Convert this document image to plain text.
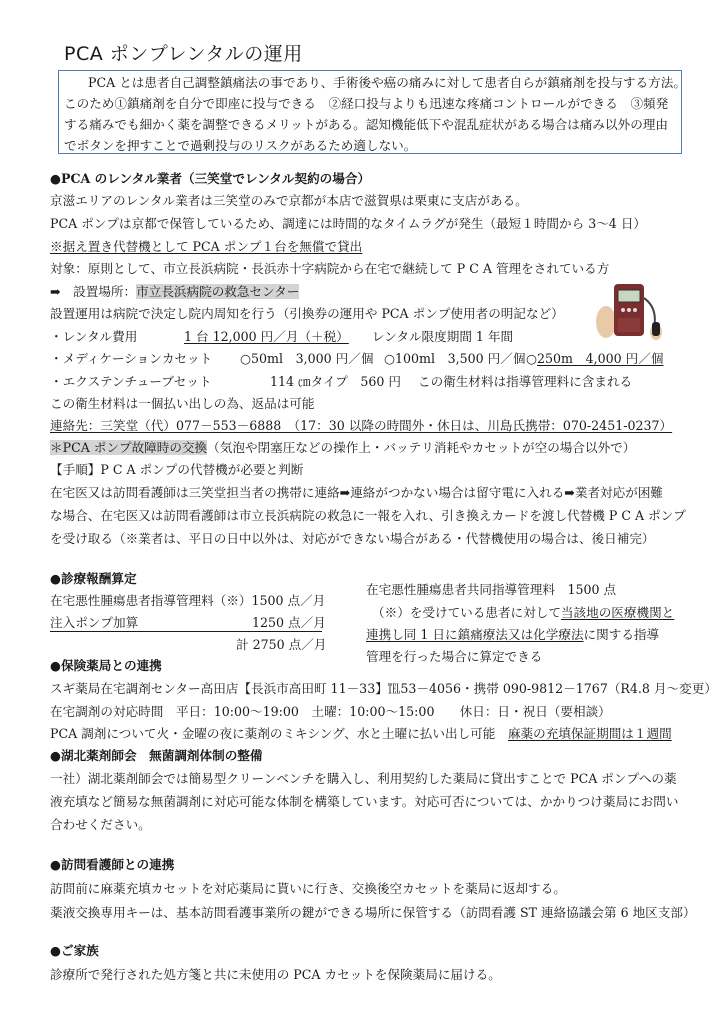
PCA ポンプレンタルの運用
PCA とは患者自己調整鎮痛法の事であり、手術後や癌の痛みに対して患者自らが鎮痛剤を投与する方法。
このため①鎮痛剤を自分で即座に投与できる　②経口投与よりも迅速な疼痛コントロールができる　③頻発
する痛みでも細かく薬を調整できるメリットがある。認知機能低下や混乱症状がある場合は痛み以外の理由
でボタンを押すことで過剰投与のリスクがあるため適しない。
●PCA のレンタル業者（三笑堂でレンタル契約の場合）
京滋エリアのレンタル業者は三笑堂のみで京都が本店で滋賀県は栗東に支店がある。
PCA ポンプは京都で保管しているため、調達には時間的なタイムラグが発生（最短１時間から 3～4 日）
※据え置き代替機として PCA ポンプ１台を無償で貸出
対象：原則として、市立長浜病院・長浜赤十字病院から在宅で継続して P C A 管理をされている方
➡　設置場所：市立長浜病院の救急センター
設置運用は病院で決定し院内周知を行う（引換券の運用や PCA ポンプ使用者の明記など）
・レンタル費用	1 台 12,000 円／月（＋税） レンタル限度期間 1 年間
・メディケーションカセット ○50ml　3,000 円／個 ○100ml　3,500 円／個 ○250m　4,000 円／個
・エクステンチューブセット	114 ㎝タイプ　560 円 この衛生材料は指導管理料に含まれる
この衛生材料は一個払い出しの為、返品は可能
連絡先：三笑堂（代）077－553－6888　（17：30 以降の時間外・休日は、川島氏携帯：070-2451-0237）
＊PCA ポンプ故障時の交換（気泡や閉塞圧などの操作上・バッテリ消耗やカセットが空の場合以外で）
【手順】P C A ポンプの代替機が必要と判断
在宅医又は訪問看護師は三笑堂担当者の携帯に連絡➡連絡がつかない場合は留守電に入れる➡業者対応が困難
な場合、在宅医又は訪問看護師は市立長浜病院の救急に一報を入れ、引き換えカードを渡し代替機 P C A ポンプ
を受け取る（※業者は、平日の日中以外は、対応ができない場合がある・代替機使用の場合は、後日補完）
●診療報酬算定
在宅悪性腫瘍患者指導管理料（※）1500 点／月
注入ポンプ加算	1250 点／月
計 2750 点／月
在宅悪性腫瘍患者共同指導管理料　1500 点
（※）を受けている患者に対して当該地の医療機関と
連携し同 1 日に鎮痛療法又は化学療法に関する指導
管理を行った場合に算定できる
●保険薬局との連携
スギ薬局在宅調剤センター高田店【長浜市高田町 11－33】℡53－4056・携帯 090-9812－1767（R4.8 月～変更）
在宅調剤の対応時間　平日：10:00～19:00　土曜：10:00～15:00　　休日：日・祝日（要相談）
PCA 調剤について火・金曜の夜に薬剤のミキシング、水と土曜に払い出し可能　 麻薬の充填保証期間は１週間
●湖北薬剤師会　無菌調剤体制の整備
一社）湖北薬剤師会では簡易型クリーンベンチを購入し、利用契約した薬局に貸出すことで PCA ポンプへの薬
液充填など簡易な無菌調剤に対応可能な体制を構築しています。対応可否については、かかりつけ薬局にお問い
合わせください。
●訪問看護師との連携
訪問前に麻薬充填カセットを対応薬局に貰いに行き、交換後空カセットを薬局に返却する。
薬液交換専用キーは、基本訪問看護事業所の鍵ができる場所に保管する（訪問看護 ST 連絡協議会第 6 地区支部）
●ご家族
診療所で発行された処方箋と共に未使用の PCA カセットを保険薬局に届ける。
